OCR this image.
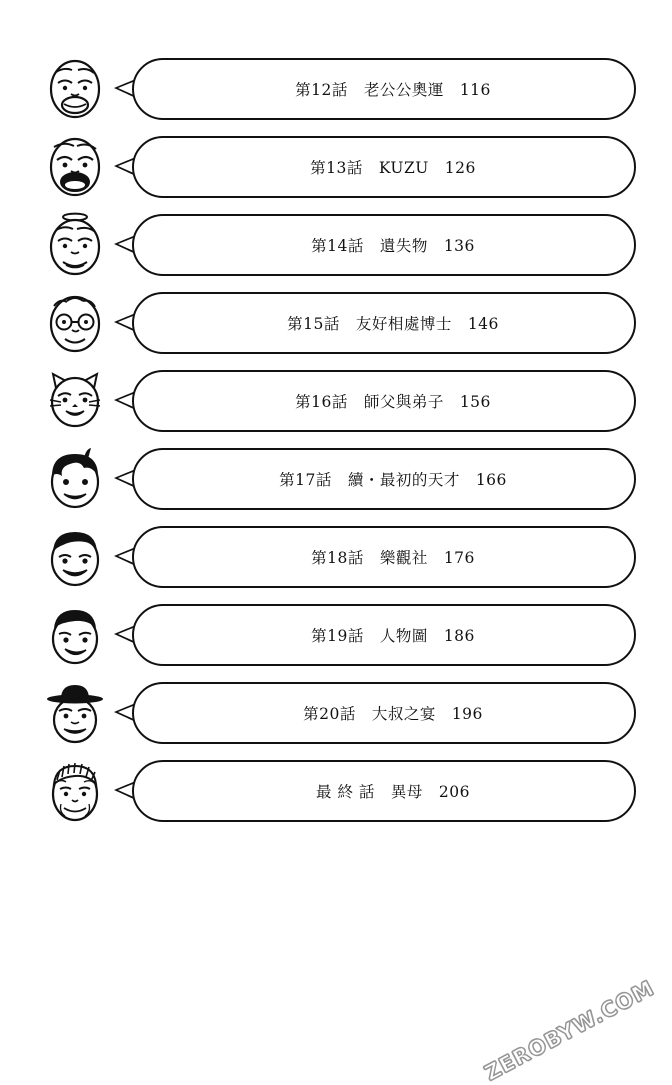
第12話　老公公奧運　116
第13話　KUZU　126
第14話　遺失物　136
第15話　友好相處博士　146
第16話　師父與弟子　156
第17話　續・最初的天才　166
第18話　樂觀社　176
第19話　人物圖　186
第20話　大叔之宴　196
最 終 話　異母　206
ZEROBYW.COM
